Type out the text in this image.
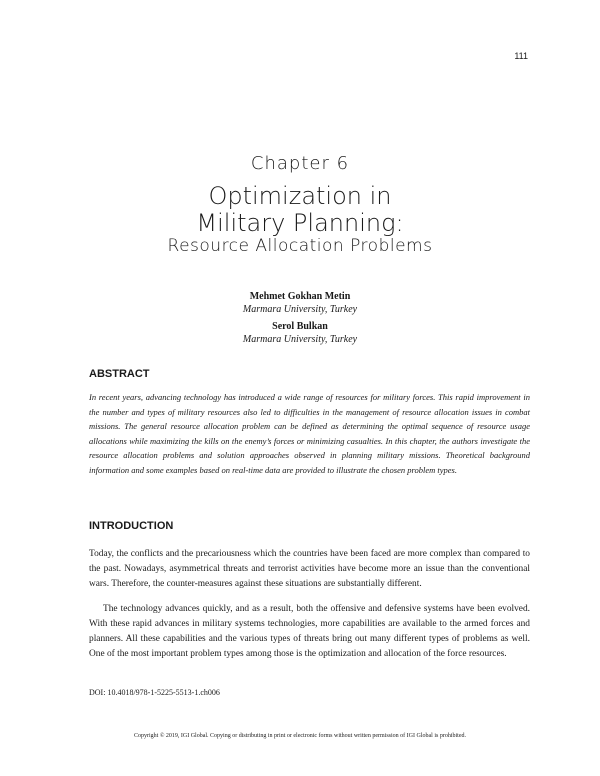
111
Chapter 6
Optimization in
Military Planning:
Resource Allocation Problems
Mehmet Gokhan Metin
Marmara University, Turkey
Serol Bulkan
Marmara University, Turkey
ABSTRACT
In recent years, advancing technology has introduced a wide range of resources for military forces. This rapid improvement in the number and types of military resources also led to difficulties in the management of resource allocation issues in combat missions. The general resource allocation problem can be defined as determining the optimal sequence of resource usage allocations while maximizing the kills on the enemy’s forces or minimizing casualties. In this chapter, the authors investigate the resource allocation problems and solution approaches observed in planning military missions. Theoretical background information and some examples based on real-time data are provided to illustrate the chosen problem types.
INTRODUCTION
Today, the conflicts and the precariousness which the countries have been faced are more complex than compared to the past. Nowadays, asymmetrical threats and terrorist activities have become more an issue than the conventional wars. Therefore, the counter-measures against these situations are substantially different.
The technology advances quickly, and as a result, both the offensive and defensive systems have been evolved. With these rapid advances in military systems technologies, more capabilities are available to the armed forces and planners. All these capabilities and the various types of threats bring out many different types of problems as well. One of the most important problem types among those is the optimization and allocation of the force resources.
DOI: 10.4018/978-1-5225-5513-1.ch006
Copyright © 2019, IGI Global. Copying or distributing in print or electronic forms without written permission of IGI Global is prohibited.
